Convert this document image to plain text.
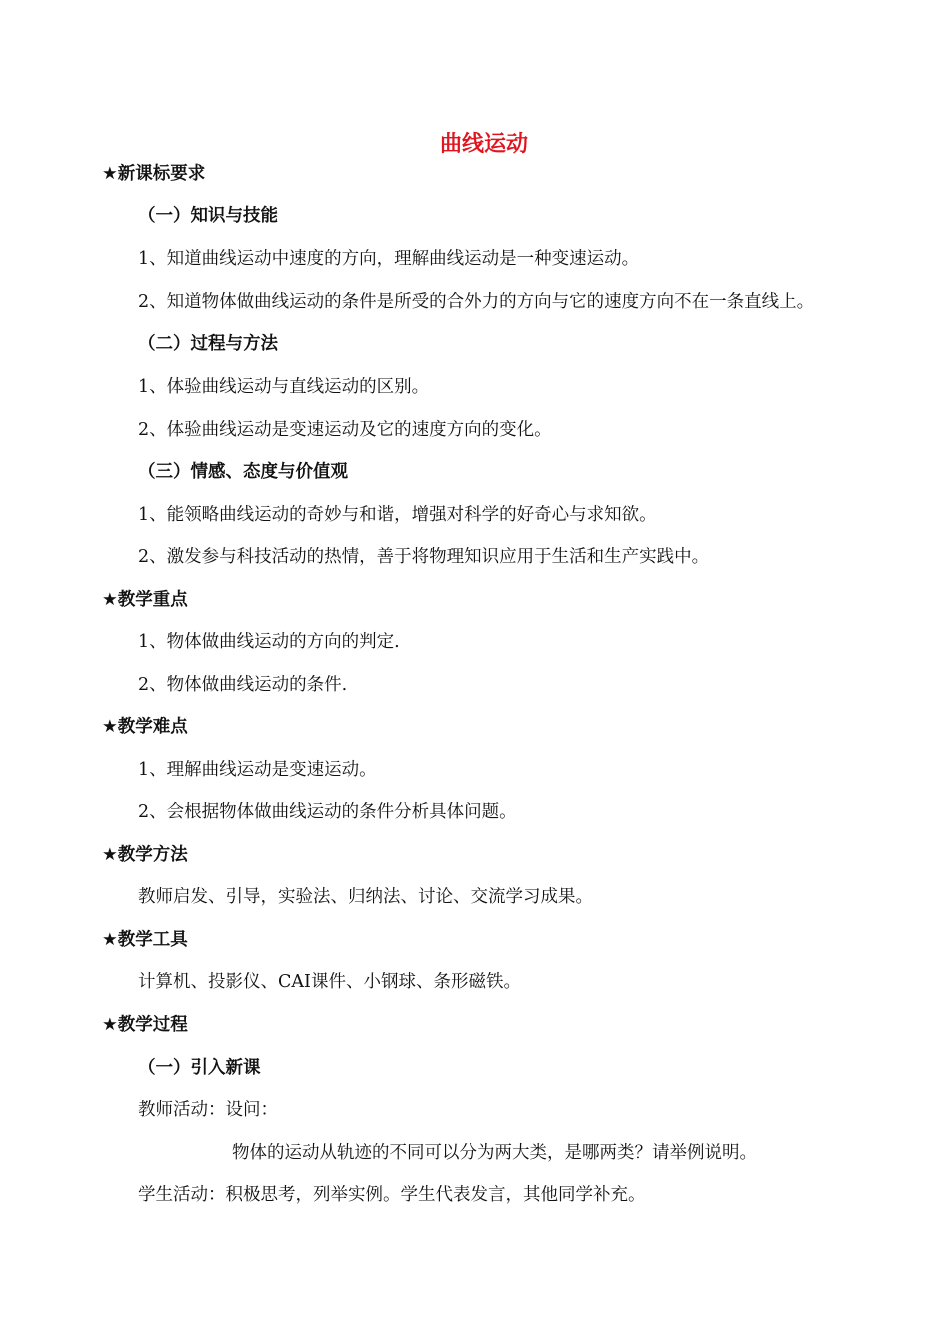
曲线运动
★新课标要求
（一）知识与技能
1、知道曲线运动中速度的方向，理解曲线运动是一种变速运动。
2、知道物体做曲线运动的条件是所受的合外力的方向与它的速度方向不在一条直线上。
（二）过程与方法
1、体验曲线运动与直线运动的区别。
2、体验曲线运动是变速运动及它的速度方向的变化。
（三）情感、态度与价值观
1、能领略曲线运动的奇妙与和谐，增强对科学的好奇心与求知欲。
2、激发参与科技活动的热情，善于将物理知识应用于生活和生产实践中。
★教学重点
1、物体做曲线运动的方向的判定.
2、物体做曲线运动的条件.
★教学难点
1、理解曲线运动是变速运动。
2、会根据物体做曲线运动的条件分析具体问题。
★教学方法
教师启发、引导，实验法、归纳法、讨论、交流学习成果。
★教学工具
计算机、投影仪、CAI课件、小钢球、条形磁铁。
★教学过程
（一）引入新课
教师活动：设问：
物体的运动从轨迹的不同可以分为两大类，是哪两类？请举例说明。
学生活动：积极思考，列举实例。学生代表发言，其他同学补充。
